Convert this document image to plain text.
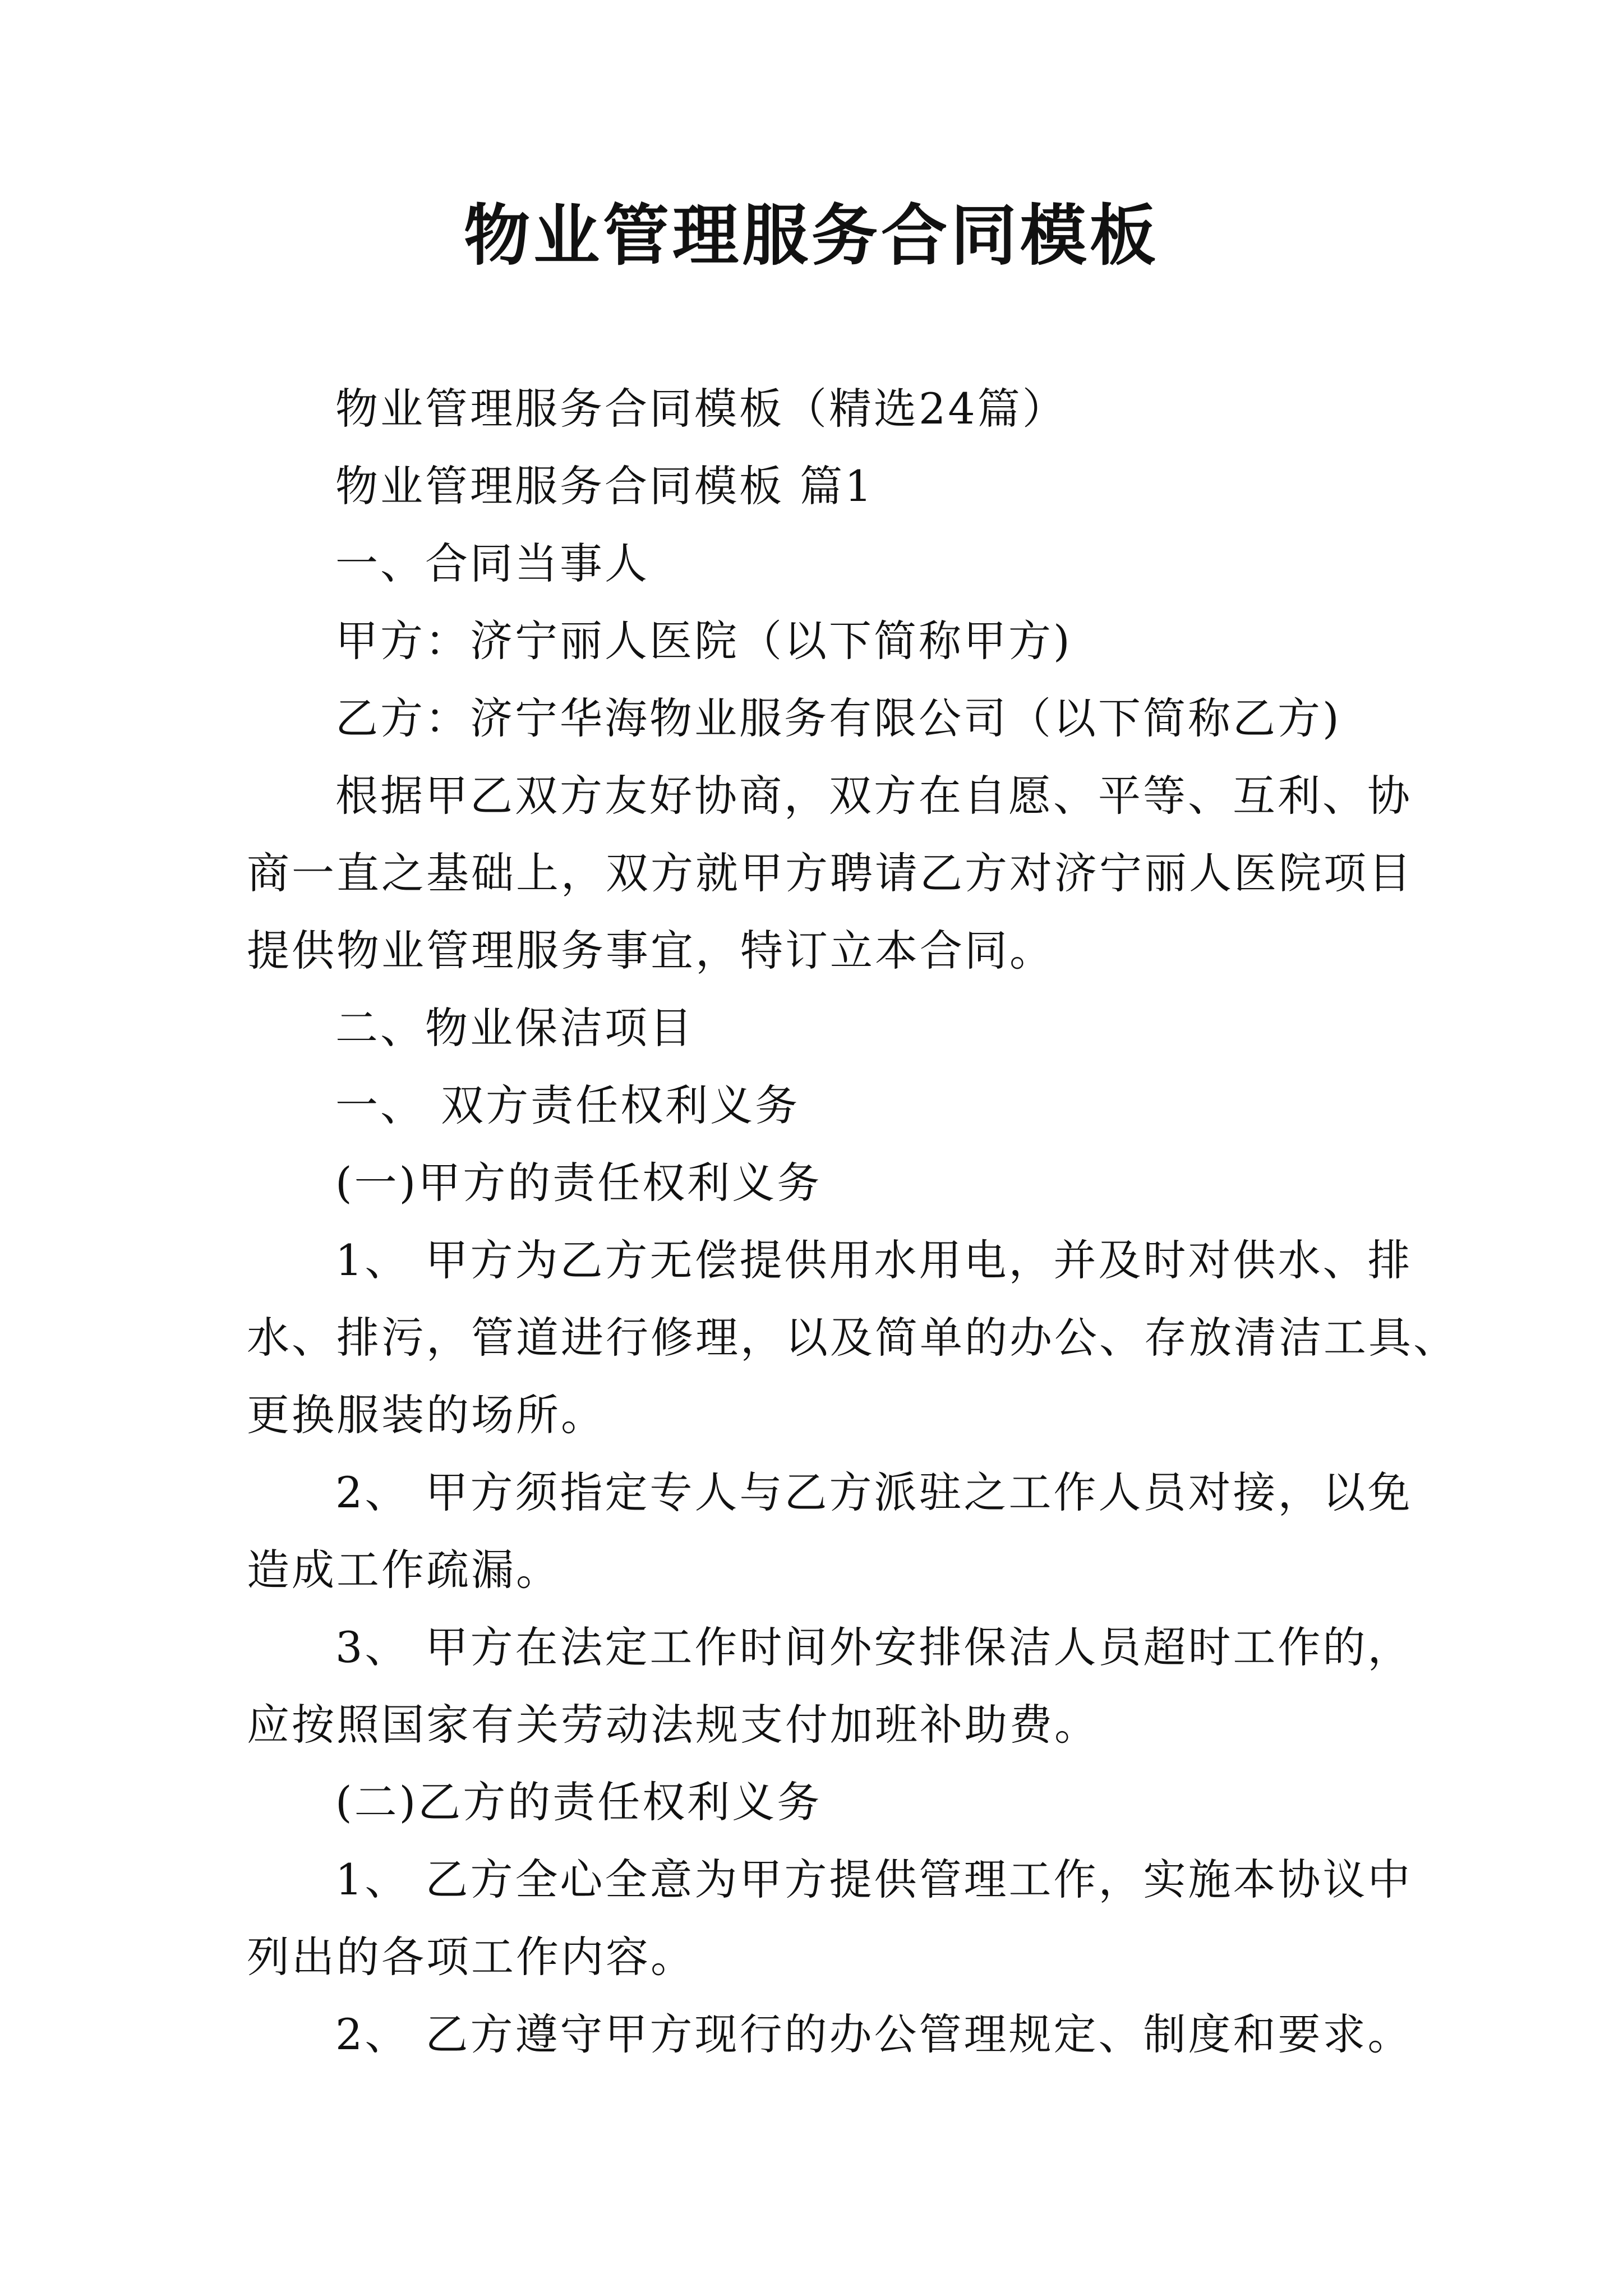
物业管理服务合同模板
物业管理服务合同模板（精选24篇）
物业管理服务合同模板 篇1
一、合同当事人
甲方：济宁丽人医院（以下简称甲方)
乙方：济宁华海物业服务有限公司（以下简称乙方)
根据甲乙双方友好协商，双方在自愿、平等、互利、协
商一直之基础上，双方就甲方聘请乙方对济宁丽人医院项目
提供物业管理服务事宜，特订立本合同。
二、物业保洁项目
一、 双方责任权利义务
(一)甲方的责任权利义务
1、 甲方为乙方无偿提供用水用电，并及时对供水、排
水、排污，管道进行修理，以及简单的办公、存放清洁工具、
更换服装的场所。
2、 甲方须指定专人与乙方派驻之工作人员对接，以免
造成工作疏漏。
3、 甲方在法定工作时间外安排保洁人员超时工作的，
应按照国家有关劳动法规支付加班补助费。
(二)乙方的责任权利义务
1、 乙方全心全意为甲方提供管理工作，实施本协议中
列出的各项工作内容。
2、 乙方遵守甲方现行的办公管理规定、制度和要求。
